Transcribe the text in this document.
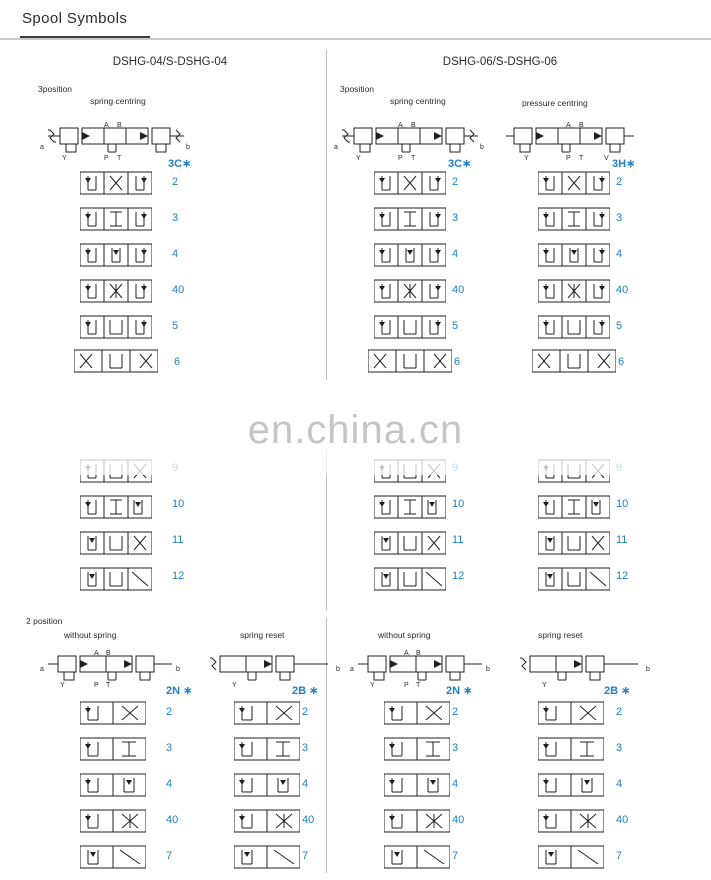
Spool Symbols
DSHG-04/S-DSHG-04	DSHG-06/S-DSHG-06
3position
spring centring
3position
spring centring	pressure centring
a	b
A B
P T
Y	3C∗
a	b
A B
P T
Y	3C∗
A B
P T
Y	V 3H∗
2
3
4
40
5
6
10
11
12
2
3
4
40
5
6
10
11
12
2
3
4
40
5
6
10
11
12
en.china.cn
2 position
without spring	spring reset	without spring	spring reset
a	b
A B
P T
Y	2N ∗
b
Y	2B ∗
a	b
A B
P T
Y	2N ∗
b
Y	2B ∗
2
3
4
40
7
2
3
4
40
7
2
3
4
40
7
2
3
4
40
7
